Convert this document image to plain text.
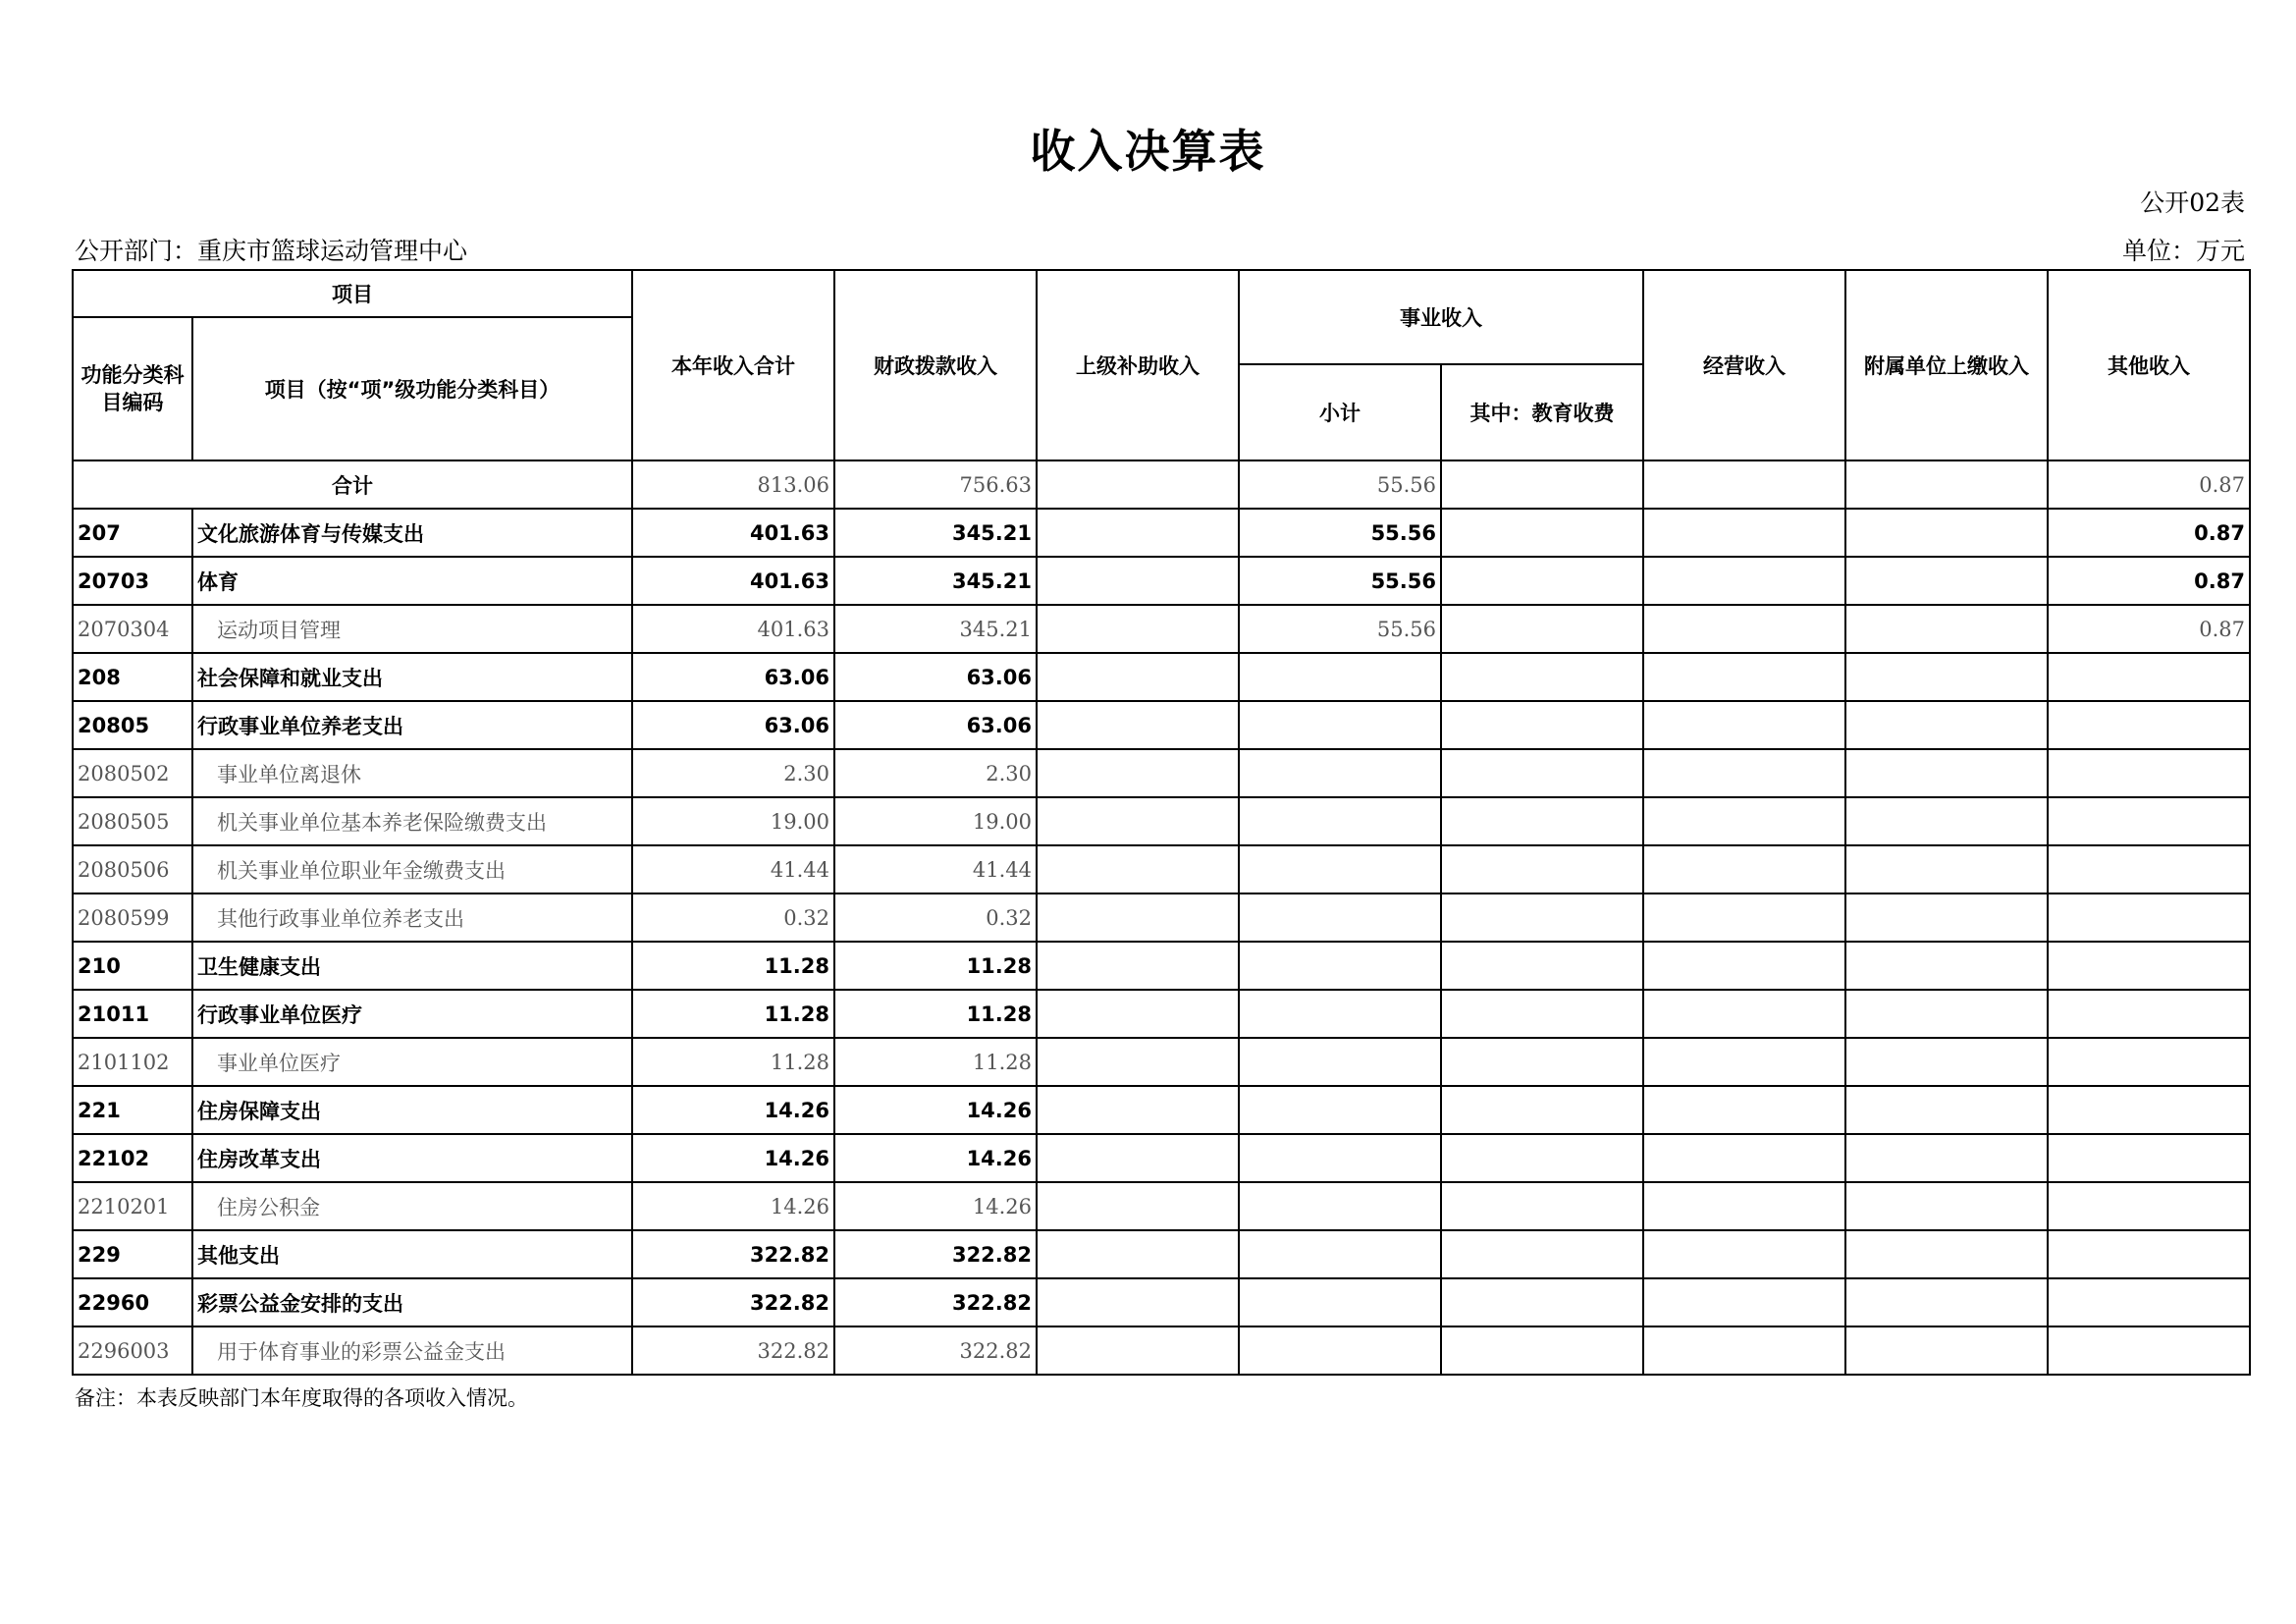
收入决算表
公开02表
公开部门：重庆市篮球运动管理中心	单位：万元
项目		本年收入合计	财政拨款收入	上级补助收入	事业收入		经营收入	附属单位上缴收入	其他收入
功能分类科目编码	项目（按“项”级功能分类科目）								
					小计	其中：教育收费			
合计		813.06	756.63		55.56				0.87
207	文化旅游体育与传媒支出	401.63	345.21		55.56				0.87
20703	体育	401.63	345.21		55.56				0.87
2070304	运动项目管理	401.63	345.21		55.56				0.87
208	社会保障和就业支出	63.06	63.06						
20805	行政事业单位养老支出	63.06	63.06						
2080502	事业单位离退休	2.30	2.30						
2080505	机关事业单位基本养老保险缴费支出	19.00	19.00						
2080506	机关事业单位职业年金缴费支出	41.44	41.44						
2080599	其他行政事业单位养老支出	0.32	0.32						
210	卫生健康支出	11.28	11.28						
21011	行政事业单位医疗	11.28	11.28						
2101102	事业单位医疗	11.28	11.28						
221	住房保障支出	14.26	14.26						
22102	住房改革支出	14.26	14.26						
2210201	住房公积金	14.26	14.26						
229	其他支出	322.82	322.82						
22960	彩票公益金安排的支出	322.82	322.82						
2296003	用于体育事业的彩票公益金支出	322.82	322.82						
备注：本表反映部门本年度取得的各项收入情况。
